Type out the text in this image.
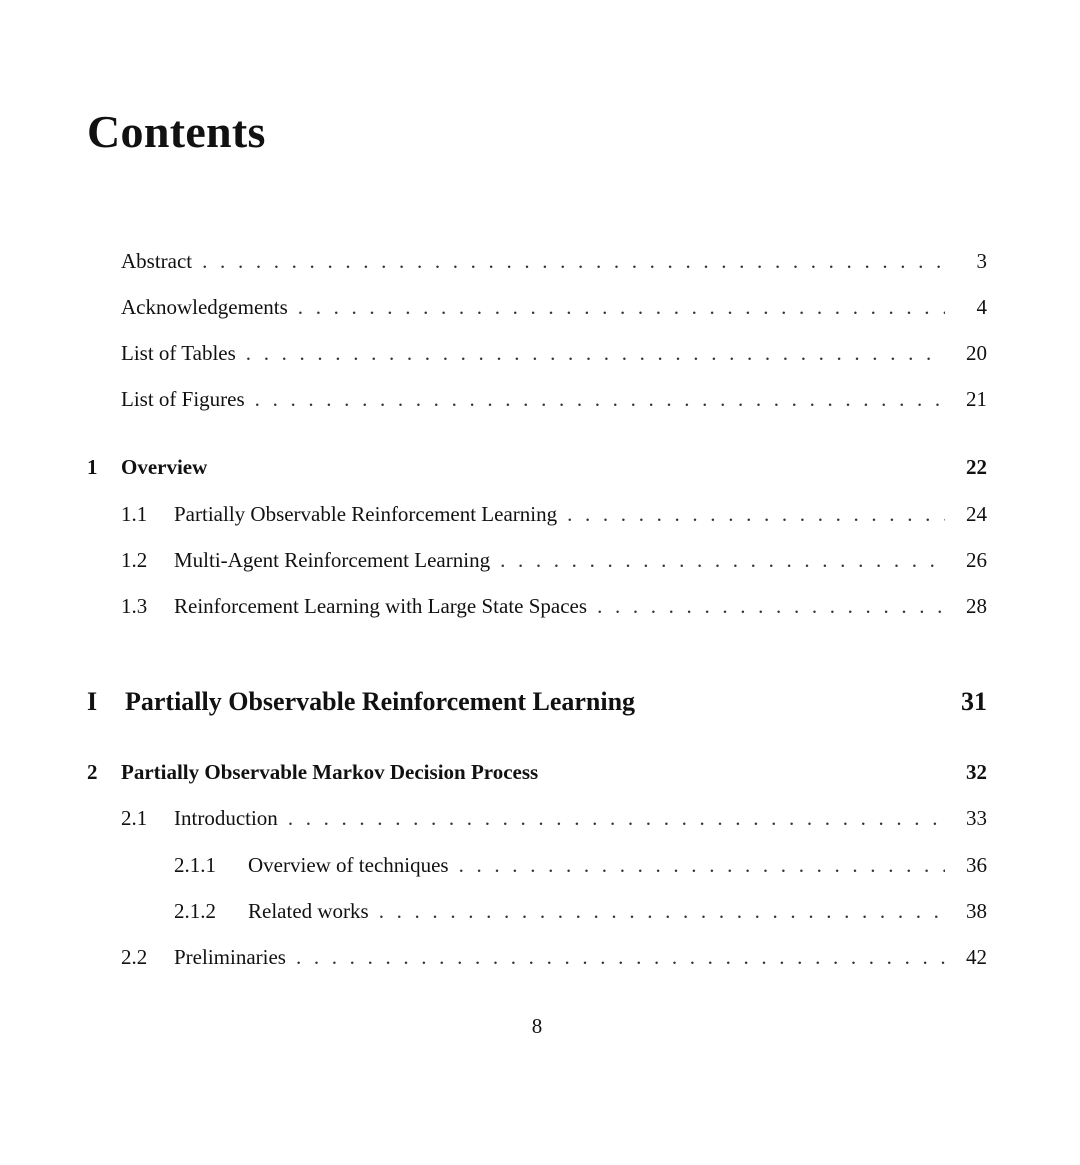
Contents
Abstract . . .	3
Acknowledgements . . .	4
List of Tables . . .	20
List of Figures . . .	21
1	Overview	22
1.1	Partially Observable Reinforcement Learning . . .	24
1.2	Multi-Agent Reinforcement Learning . . .	26
1.3	Reinforcement Learning with Large State Spaces . . .	28
I	Partially Observable Reinforcement Learning	31
2	Partially Observable Markov Decision Process	32
2.1	Introduction . . .	33
2.1.1	Overview of techniques . . .	36
2.1.2	Related works . . .	38
2.2	Preliminaries . . .	42
8
